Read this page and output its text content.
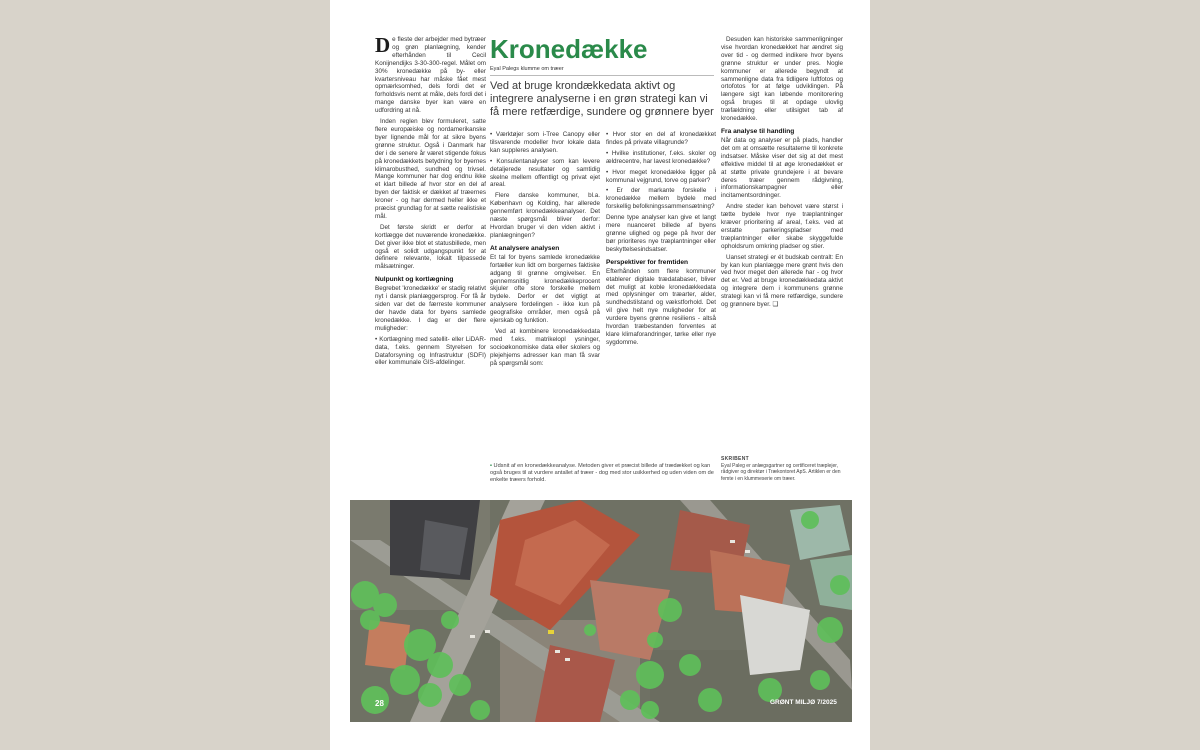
De fleste der arbejder med bytræer og grøn planlægning, kender efterhånden til Cecil Konijnendijks 3-30-300-regel. Målet om 30% kronedække på by- eller kvartersniveau har måske fået mest opmærksomhed, dels fordi det er forholdsvis nemt at måle, dels fordi det i mange danske byer kan være en udfordring at nå.

Inden reglen blev formuleret, satte flere europæiske og nordamerikanske byer lignende mål for at sikre byens grønne struktur. Også i Danmark har der i de senere år været stigende fokus på kronedækkets betydning for byernes klimarobusthed, sundhed og trivsel. Mange kommuner har dog endnu ikke et klart billede af hvor stor en del af byen der faktisk er dækket af træernes kroner - og har dermed heller ikke et præcist grundlag for at sætte realistiske mål.

Det første skridt er derfor at kortlægge det nuværende kronedække. Det giver ikke blot et statusbillede, men også et solidt udgangspunkt for at definere relevante, lokalt tilpassede målsætninger.

Nulpunkt og kortlægning

Begrebet 'kronedække' er stadig relativt nyt i dansk planlæggersprog. For få år siden var det de færreste kommuner der havde data for byens samlede kronedække. I dag er der flere muligheder:

• Kortlægning med satellit- eller LiDAR-data, f.eks. gennem Styrelsen for Dataforsyning og Infrastruktur (SDFI) eller kommunale GIS-afdelinger.

Kronedække
Eyal Palegs klumme om træer
Ved at bruge krondækkedata aktivt og integrere analyserne i en grøn strategi kan vi få mere retfærdige, sundere og grønnere byer

• Værktøjer som i-Tree Canopy eller tilsvarende modeller hvor lokale data kan suppleres analysen.

• Konsulentanalyser som kan levere detaljerede resultater og samtidig skelne mellem offentligt og privat ejet areal.

Flere danske kommuner, bl.a. København og Kolding, har allerede gennemført kronedækkeanalyser. Det næste spørgsmål bliver derfor: Hvordan bruger vi den viden aktivt i planlægningen?

At analysere analysen

Et tal for byens samlede kronedække fortæller kun lidt om borgernes faktiske adgang til grønne omgivelser. En gennemsnitlig kronedækkeprocent skjuler ofte store forskelle mellem bydele. Derfor er det vigtigt at analysere fordelingen - ikke kun på geografiske områder, men også på ejerskab og funktion.

Ved at kombinere kronedækkedata med f.eks. matrikelopl ysninger, socioøkonomiske data eller skolers og plejehjems adresser kan man få svar på spørgsmål som:

• Hvor stor en del af kronedækket findes på private villagrunde?

• Hvilke institutioner, f.eks. skoler og ældrecentre, har lavest kronedække?

• Hvor meget kronedække ligger på kommunal vejgrund, torve og parker?

• Er der markante forskelle i kronedække mellem bydele med forskellig befolkningssammensætning?

Denne type analyser kan give et langt mere nuanceret billede af byens grønne ulighed og pege på hvor der bør prioriteres nye træplantninger eller beskyttelsesindsatser.

Perspektiver for fremtiden

Efterhånden som flere kommuner etablerer digitale trædatabaser, bliver det muligt at koble kronedækkedata med oplysninger om træarter, alder, sundhedstilstand og vækstforhold. Det vil give helt nye muligheder for at vurdere byens grønne resiliens - altså hvordan træbestanden forventes at klare klimaforandringer, tørke eller nye sygdomme.

Desuden kan historiske sammenligninger vise hvordan kronedækket har ændret sig over tid - og dermed indikere hvor byens grønne struktur er under pres. Nogle kommuner er allerede begyndt at sammenligne data fra tidligere luftfotos og ortofotos for at følge udviklingen. På længere sigt kan løbende monitorering også bruges til at opdage ulovlig træfældning eller utilsigtet tab af kronedække.

Fra analyse til handling

Når data og analyser er på plads, handler det om at omsætte resultaterne til konkrete indsatser. Måske viser det sig at det mest effektive middel til at øge kronedækket er at støtte private grundejere i at bevare deres træer gennem rådgivning, informationskampagner eller incitamentsordninger.

Andre steder kan behovet være størst i tætte bydele hvor nye træplantninger kræver prioritering af areal, f.eks. ved at erstatte parkeringspladser med træplantninger eller skabe skyggefulde opholdsrum omkring pladser og stier.

Uanset strategi er ét budskab centralt: En by kan kun planlægge mere grønt hvis den ved hvor meget den allerede har - og hvor det er. Ved at bruge kronedækkedata aktivt og integrere dem i kommunens grønne strategi kan vi få mere retfærdige, sundere og grønnere byer. ❑

SKRIBENT
Eyal Paleg er anlægsgartner og certificeret træplejer, rådgiver og direktør i Trækontoret ApS. Artiklen er den femte i en klummeserie om træer.
• Udsnit af en kronedækkeanalyse. Metoden giver et præcist billede af trædækket og kan også bruges til at vurdere antallet af træer - dog med stor usikkerhed og uden viden om de enkelte træers forhold.
28	GRØNT MILJØ 7/2025
